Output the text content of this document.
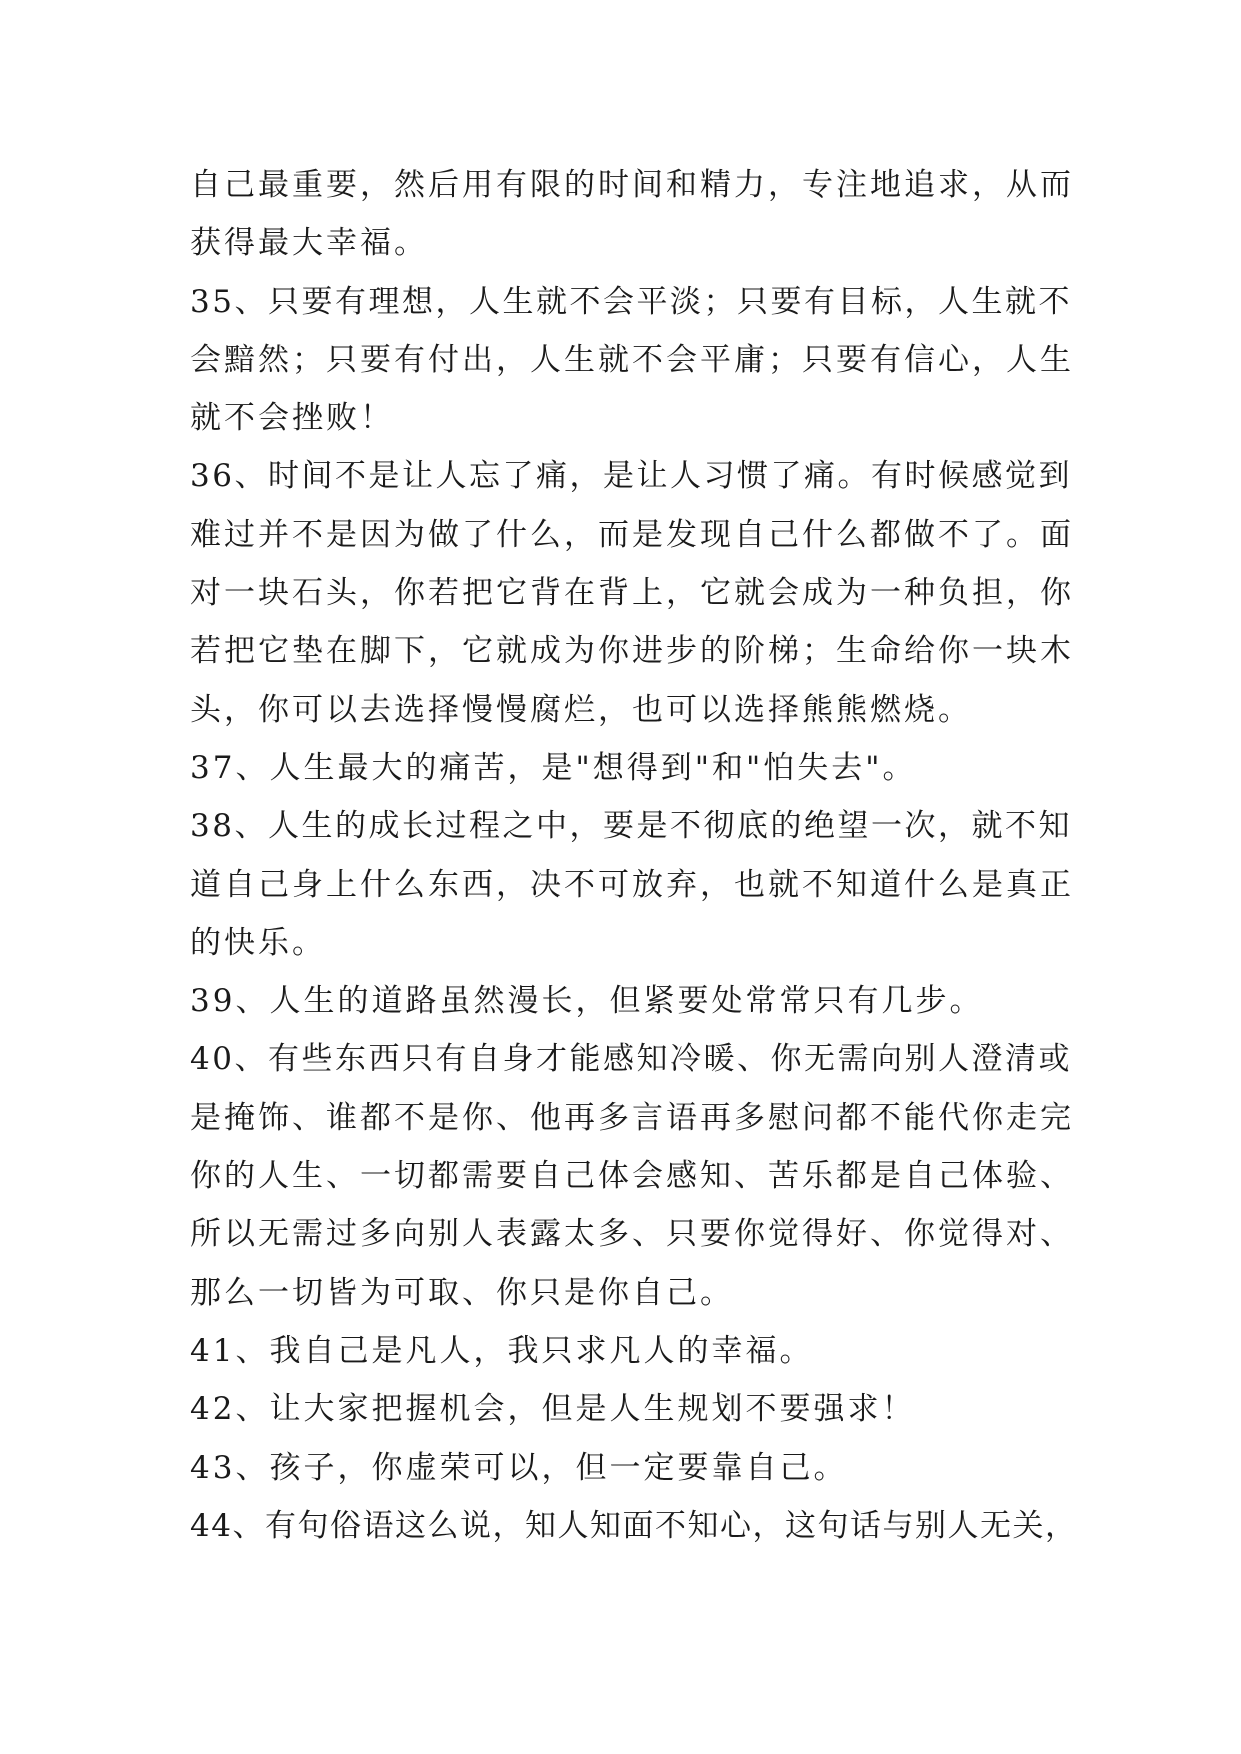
自己最重要，然后用有限的时间和精力，专注地追求，从而
获得最大幸福。
35、只要有理想，人生就不会平淡；只要有目标，人生就不
会黯然；只要有付出，人生就不会平庸；只要有信心，人生
就不会挫败！
36、时间不是让人忘了痛，是让人习惯了痛。有时候感觉到
难过并不是因为做了什么，而是发现自己什么都做不了。面
对一块石头，你若把它背在背上，它就会成为一种负担，你
若把它垫在脚下，它就成为你进步的阶梯；生命给你一块木
头，你可以去选择慢慢腐烂，也可以选择熊熊燃烧。
37、人生最大的痛苦，是"想得到"和"怕失去"。
38、人生的成长过程之中，要是不彻底的绝望一次，就不知
道自己身上什么东西，决不可放弃，也就不知道什么是真正
的快乐。
39、人生的道路虽然漫长，但紧要处常常只有几步。
40、有些东西只有自身才能感知冷暖、你无需向别人澄清或
是掩饰、谁都不是你、他再多言语再多慰问都不能代你走完
你的人生、一切都需要自己体会感知、苦乐都是自己体验、
所以无需过多向别人表露太多、只要你觉得好、你觉得对、
那么一切皆为可取、你只是你自己。
41、我自己是凡人，我只求凡人的幸福。
42、让大家把握机会，但是人生规划不要强求！
43、孩子，你虚荣可以，但一定要靠自己。
44、有句俗语这么说，知人知面不知心，这句话与别人无关，
